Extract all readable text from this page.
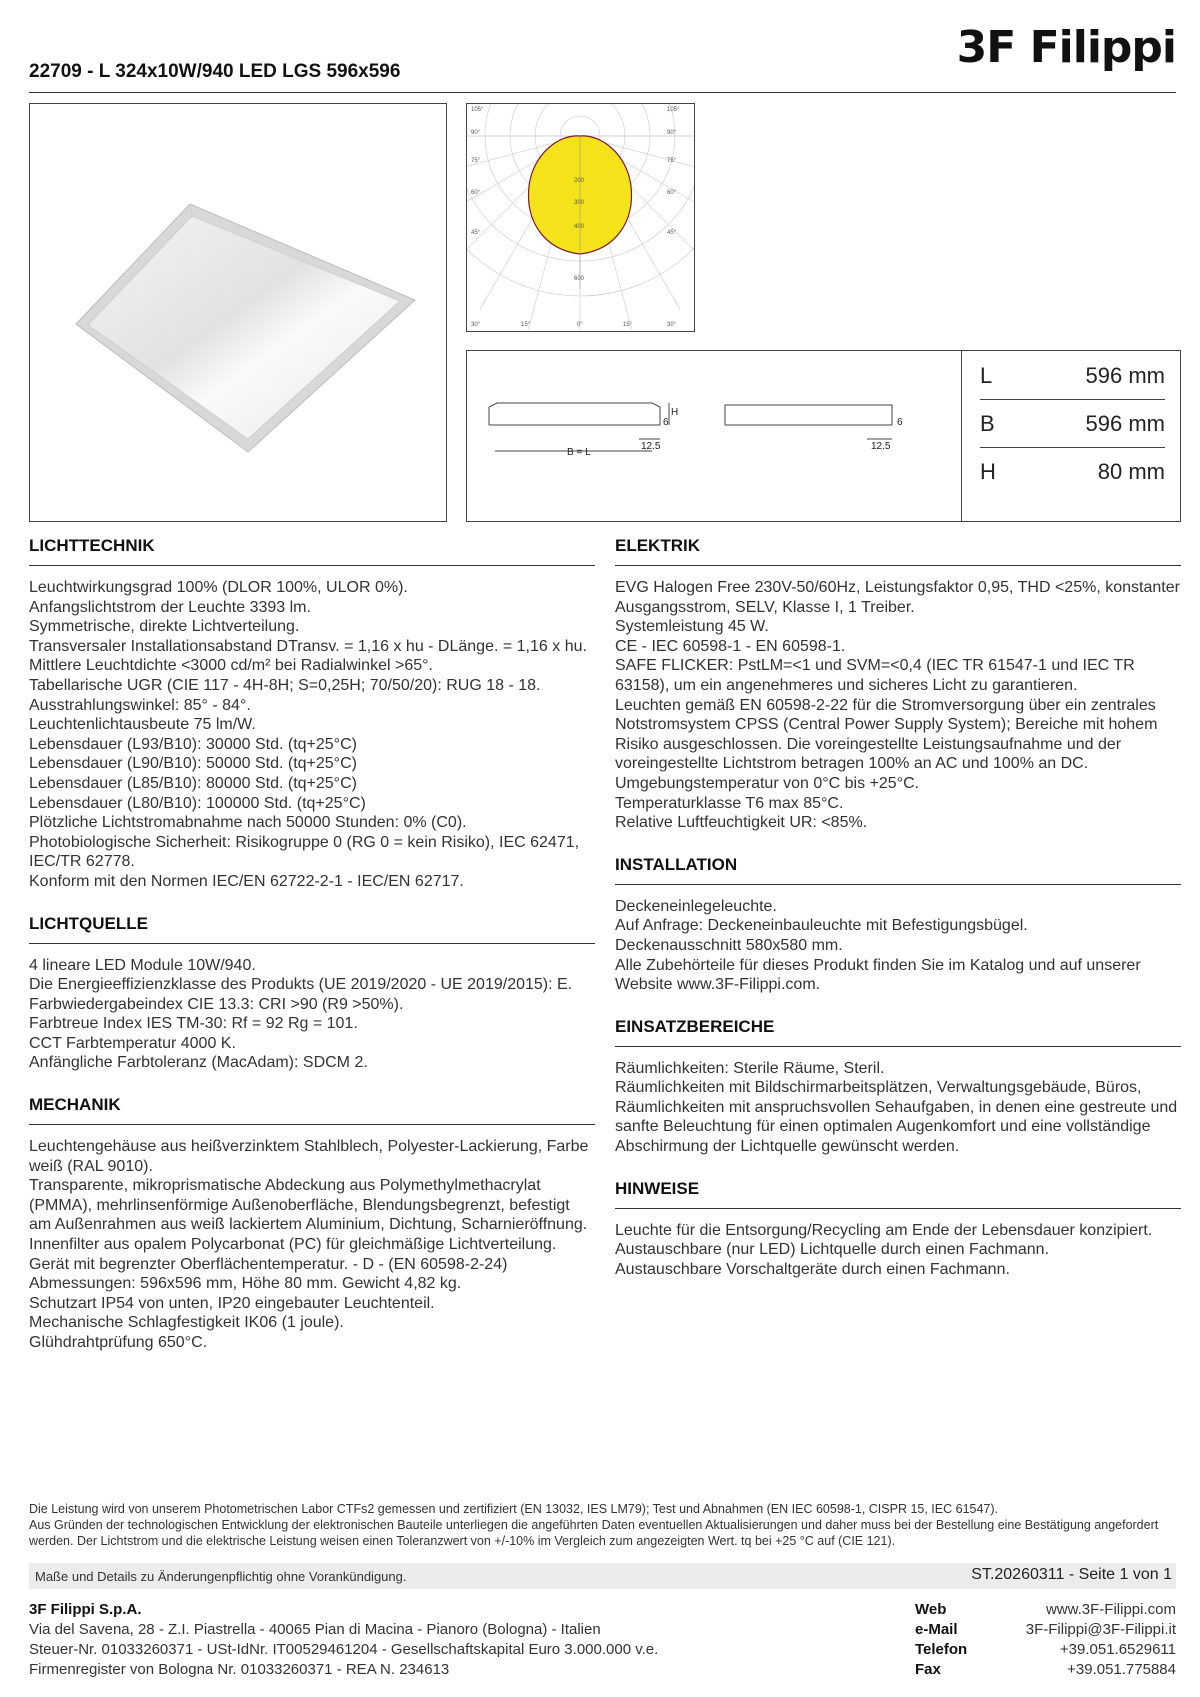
3F Filippi
22709 - L 324x10W/940 LED LGS 596x596
105°	105°
90°	90°
75°	75°
60°	60°
45°	45°
30°	15°	0°	15°	30°
200
300
400
600
H
6	6
12.5	12.5
B = L
L	596 mm
B	596 mm
H	80 mm
LICHTTECHNIK
Leuchtwirkungsgrad 100% (DLOR 100%, ULOR 0%).
Anfangslichtstrom der Leuchte 3393 lm.
Symmetrische, direkte Lichtverteilung.
Transversaler Installationsabstand DTransv. = 1,16 x hu - DLänge. = 1,16 x hu.
Mittlere Leuchtdichte <3000 cd/m² bei Radialwinkel >65°.
Tabellarische UGR (CIE 117 - 4H-8H; S=0,25H; 70/50/20): RUG 18 - 18.
Ausstrahlungswinkel: 85° - 84°.
Leuchtenlichtausbeute 75 lm/W.
Lebensdauer (L93/B10): 30000 Std. (tq+25°C)
Lebensdauer (L90/B10): 50000 Std. (tq+25°C)
Lebensdauer (L85/B10): 80000 Std. (tq+25°C)
Lebensdauer (L80/B10): 100000 Std. (tq+25°C)
Plötzliche Lichtstromabnahme nach 50000 Stunden: 0% (C0).
Photobiologische Sicherheit: Risikogruppe 0 (RG 0 = kein Risiko), IEC 62471, IEC/TR 62778.
Konform mit den Normen IEC/EN 62722-2-1 - IEC/EN 62717.
LICHTQUELLE
4 lineare LED Module 10W/940.
Die Energieeffizienzklasse des Produkts (UE 2019/2020 - UE 2019/2015): E.
Farbwiedergabeindex CIE 13.3: CRI >90 (R9 >50%).
Farbtreue Index IES TM-30: Rf = 92 Rg = 101.
CCT Farbtemperatur 4000 K.
Anfängliche Farbtoleranz (MacAdam): SDCM 2.
MECHANIK
Leuchtengehäuse aus heißverzinktem Stahlblech, Polyester-Lackierung, Farbe weiß (RAL 9010).
Transparente, mikroprismatische Abdeckung aus Polymethylmethacrylat (PMMA), mehrlinsenförmige Außenoberfläche, Blendungsbegrenzt, befestigt am Außenrahmen aus weiß lackiertem Aluminium, Dichtung, Scharnieröffnung.
Innenfilter aus opalem Polycarbonat (PC) für gleichmäßige Lichtverteilung.
Gerät mit begrenzter Oberflächentemperatur. - D - (EN 60598-2-24)
Abmessungen: 596x596 mm, Höhe 80 mm. Gewicht 4,82 kg.
Schutzart IP54 von unten, IP20 eingebauter Leuchtenteil.
Mechanische Schlagfestigkeit IK06 (1 joule).
Glühdrahtprüfung 650°C.
ELEKTRIK
EVG Halogen Free 230V-50/60Hz, Leistungsfaktor 0,95, THD <25%, konstanter Ausgangsstrom, SELV, Klasse I, 1 Treiber.
Systemleistung 45 W.
CE - IEC 60598-1 - EN 60598-1.
SAFE FLICKER: PstLM=<1 und SVM=<0,4 (IEC TR 61547-1 und IEC TR 63158), um ein angenehmeres und sicheres Licht zu garantieren.
Leuchten gemäß EN 60598-2-22 für die Stromversorgung über ein zentrales Notstromsystem CPSS (Central Power Supply System); Bereiche mit hohem Risiko ausgeschlossen. Die voreingestellte Leistungsaufnahme und der voreingestellte Lichtstrom betragen 100% an AC und 100% an DC.
Umgebungstemperatur von 0°C bis +25°C.
Temperaturklasse T6 max 85°C.
Relative Luftfeuchtigkeit UR: <85%.
INSTALLATION
Deckeneinlegeleuchte.
Auf Anfrage: Deckeneinbauleuchte mit Befestigungsbügel.
Deckenausschnitt 580x580 mm.
Alle Zubehörteile für dieses Produkt finden Sie im Katalog und auf unserer Website www.3F-Filippi.com.
EINSATZBEREICHE
Räumlichkeiten: Sterile Räume, Steril.
Räumlichkeiten mit Bildschirmarbeitsplätzen, Verwaltungsgebäude, Büros, Räumlichkeiten mit anspruchsvollen Sehaufgaben, in denen eine gestreute und sanfte Beleuchtung für einen optimalen Augenkomfort und eine vollständige Abschirmung der Lichtquelle gewünscht werden.
HINWEISE
Leuchte für die Entsorgung/Recycling am Ende der Lebensdauer konzipiert.
Austauschbare (nur LED) Lichtquelle durch einen Fachmann.
Austauschbare Vorschaltgeräte durch einen Fachmann.
Die Leistung wird von unserem Photometrischen Labor CTFs2 gemessen und zertifiziert (EN 13032, IES LM79); Test und Abnahmen (EN IEC 60598-1, CISPR 15, IEC 61547).
Aus Gründen der technologischen Entwicklung der elektronischen Bauteile unterliegen die angeführten Daten eventuellen Aktualisierungen und daher muss bei der Bestellung eine Bestätigung angefordert werden. Der Lichtstrom und die elektrische Leistung weisen einen Toleranzwert von +/-10% im Vergleich zum angezeigten Wert. tq bei +25 °C auf (CIE 121).
Maße und Details zu Änderungenpflichtig ohne Vorankündigung.	ST.20260311 - Seite 1 von 1
3F Filippi S.p.A.
Via del Savena, 28 - Z.I. Piastrella - 40065 Pian di Macina - Pianoro (Bologna) - Italien
Steuer-Nr. 01033260371 - USt-IdNr. IT00529461204 - Gesellschaftskapital Euro 3.000.000 v.e.
Firmenregister von Bologna Nr. 01033260371 - REA N. 234613
Web	www.3F-Filippi.com
e-Mail	3F-Filippi@3F-Filippi.it
Telefon	+39.051.6529611
Fax	+39.051.775884
